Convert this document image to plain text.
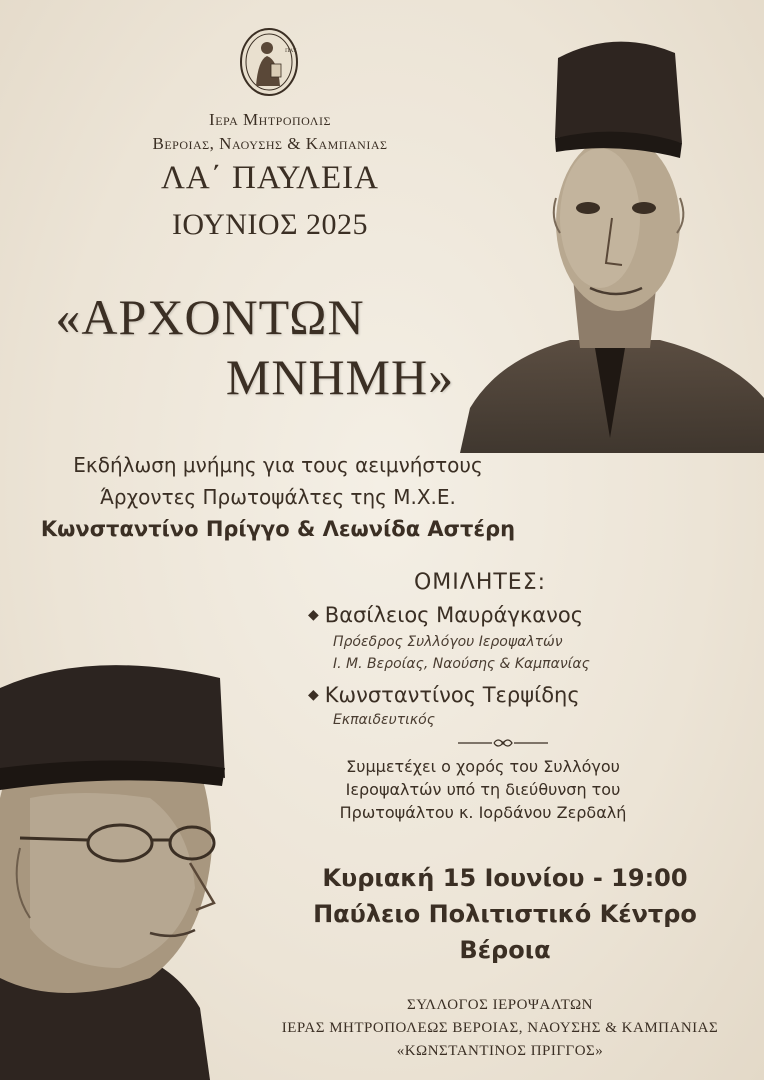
ΠΑΥ
Ιερα Μητροπολις
Βεροιας, Ναουσης & Καμπανιας
ΛΑ΄ ΠΑΥΛΕΙΑ
ΙΟΥΝΙΟΣ 2025
«ΑΡΧΟΝΤΩΝ
ΜΝΗΜΗ»
Εκδήλωση μνήμης για τους αειμνήστους
Άρχοντες Πρωτοψάλτες της Μ.Χ.Ε.
Κωνσταντίνο Πρίγγο & Λεωνίδα Αστέρη
ΟΜΙΛΗΤΕΣ:
◆ Βασίλειος Μαυράγκανος
Πρόεδρος Συλλόγου Ιεροψαλτών
Ι. Μ. Βεροίας, Ναούσης & Καμπανίας
◆ Κωνσταντίνος Τερψίδης
Εκπαιδευτικός
Συμμετέχει ο χορός του Συλλόγου
Ιεροψαλτών υπό τη διεύθυνση του
Πρωτοψάλτου κ. Ιορδάνου Ζερδαλή
Κυριακή 15 Ιουνίου - 19:00
Παύλειο Πολιτιστικό Κέντρο
Βέροια
ΣΥΛΛΟΓΟΣ ΙΕΡΟΨΑΛΤΩΝ
ΙΕΡΑΣ ΜΗΤΡΟΠΟΛΕΩΣ ΒΕΡΟΙΑΣ, ΝΑΟΥΣΗΣ & ΚΑΜΠΑΝΙΑΣ
«ΚΩΝΣΤΑΝΤΙΝΟΣ ΠΡΙΓΓΟΣ»
